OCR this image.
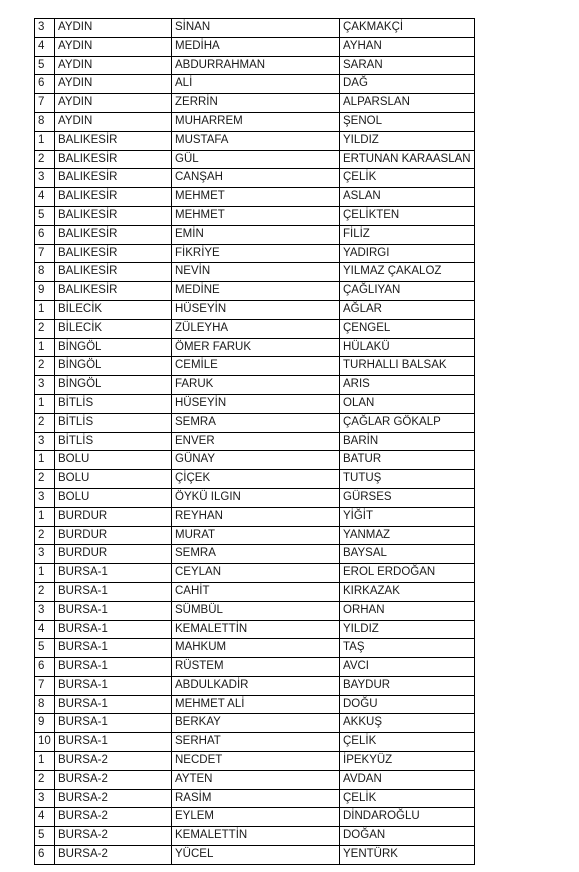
3	AYDIN	SİNAN	ÇAKMAKÇİ
4	AYDIN	MEDİHA	AYHAN
5	AYDIN	ABDURRAHMAN	SARAN
6	AYDIN	ALİ	DAĞ
7	AYDIN	ZERRİN	ALPARSLAN
8	AYDIN	MUHARREM	ŞENOL
1	BALIKESİR	MUSTAFA	YILDIZ
2	BALIKESİR	GÜL	ERTUNAN KARAASLAN
3	BALIKESİR	CANŞAH	ÇELİK
4	BALIKESİR	MEHMET	ASLAN
5	BALIKESİR	MEHMET	ÇELİKTEN
6	BALIKESİR	EMİN	FİLİZ
7	BALIKESİR	FİKRİYE	YADIRGI
8	BALIKESİR	NEVİN	YILMAZ ÇAKALOZ
9	BALIKESİR	MEDİNE	ÇAĞLIYAN
1	BİLECİK	HÜSEYİN	AĞLAR
2	BİLECİK	ZÜLEYHA	ÇENGEL
1	BİNGÖL	ÖMER FARUK	HÜLAKÜ
2	BİNGÖL	CEMİLE	TURHALLI BALSAK
3	BİNGÖL	FARUK	ARIS
1	BİTLİS	HÜSEYİN	OLAN
2	BİTLİS	SEMRA	ÇAĞLAR GÖKALP
3	BİTLİS	ENVER	BARİN
1	BOLU	GÜNAY	BATUR
2	BOLU	ÇİÇEK	TUTUŞ
3	BOLU	ÖYKÜ ILGIN	GÜRSES
1	BURDUR	REYHAN	YİĞİT
2	BURDUR	MURAT	YANMAZ
3	BURDUR	SEMRA	BAYSAL
1	BURSA-1	CEYLAN	EROL ERDOĞAN
2	BURSA-1	CAHİT	KIRKAZAK
3	BURSA-1	SÜMBÜL	ORHAN
4	BURSA-1	KEMALETTİN	YILDIZ
5	BURSA-1	MAHKUM	TAŞ
6	BURSA-1	RÜSTEM	AVCI
7	BURSA-1	ABDULKADİR	BAYDUR
8	BURSA-1	MEHMET ALİ	DOĞU
9	BURSA-1	BERKAY	AKKUŞ
10	BURSA-1	SERHAT	ÇELİK
1	BURSA-2	NECDET	İPEKYÜZ
2	BURSA-2	AYTEN	AVDAN
3	BURSA-2	RASİM	ÇELİK
4	BURSA-2	EYLEM	DİNDAROĞLU
5	BURSA-2	KEMALETTİN	DOĞAN
6	BURSA-2	YÜCEL	YENTÜRK
